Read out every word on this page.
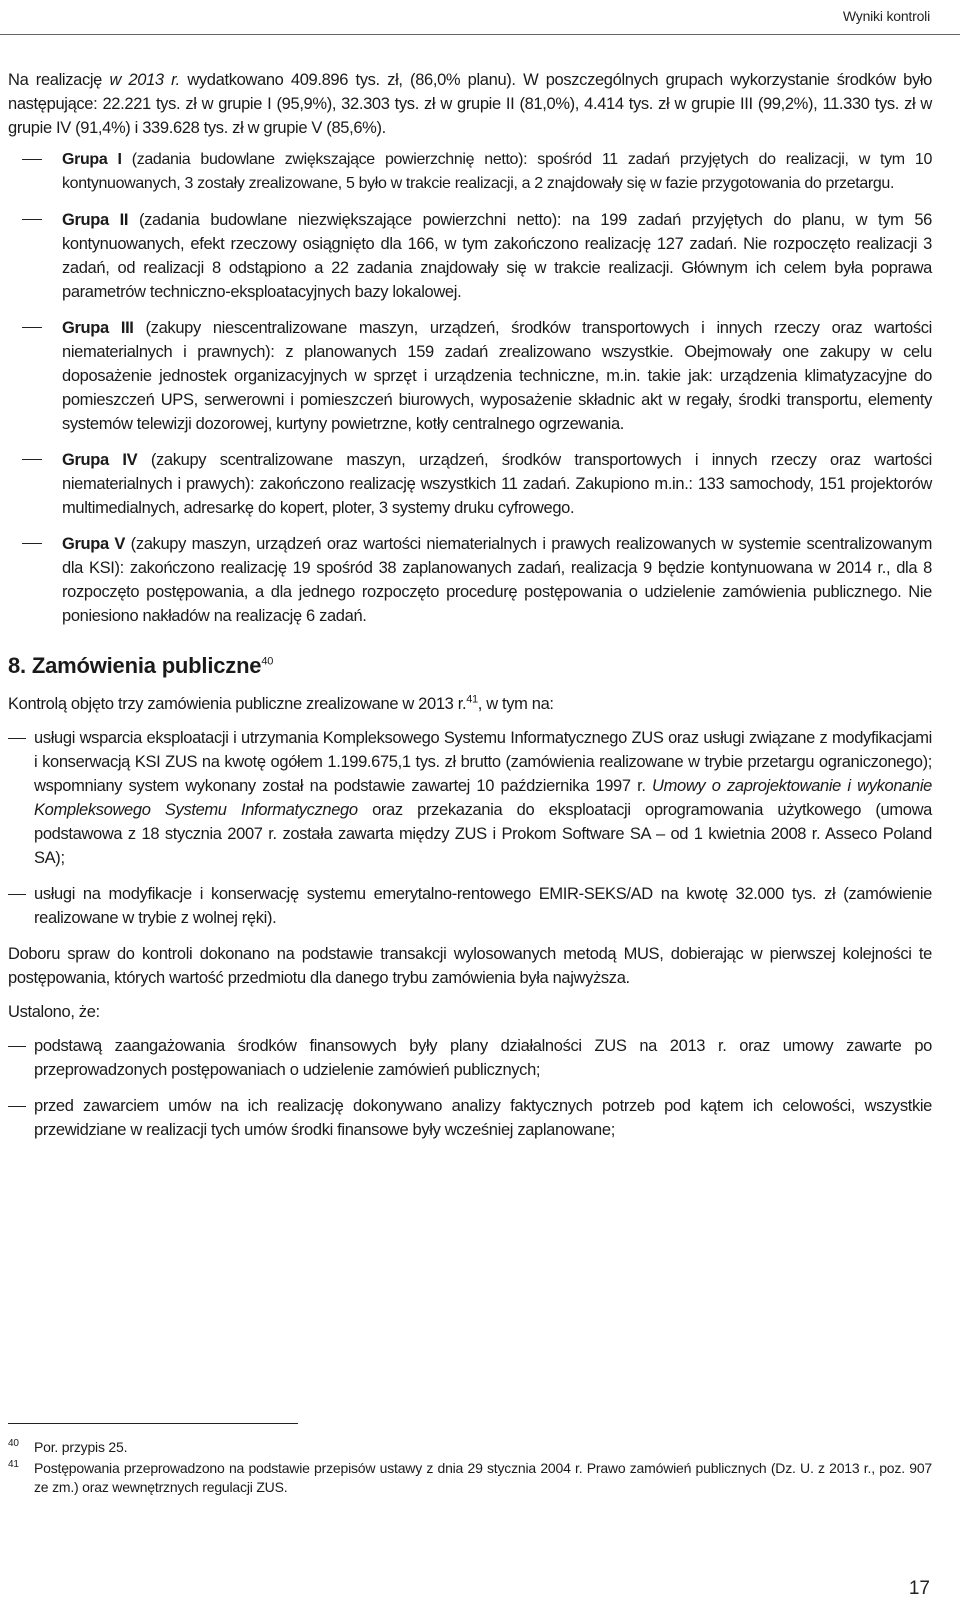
Wyniki kontroli

Na realizację w 2013 r. wydatkowano 409.896 tys. zł, (86,0% planu). W poszczególnych grupach wykorzystanie środków było następujące: 22.221 tys. zł w grupie I (95,9%), 32.303 tys. zł w grupie II (81,0%), 4.414 tys. zł w grupie III (99,2%), 11.330 tys. zł w grupie IV (91,4%) i 339.628 tys. zł w grupie V (85,6%).

Grupa I (zadania budowlane zwiększające powierzchnię netto): spośród 11 zadań przyjętych do realizacji, w tym 10 kontynuowanych, 3 zostały zrealizowane, 5 było w trakcie realizacji, a 2 znajdowały się w fazie przygotowania do przetargu.
Grupa II (zadania budowlane niezwiększające powierzchni netto): na 199 zadań przyjętych do planu, w tym 56 kontynuowanych, efekt rzeczowy osiągnięto dla 166, w tym zakończono realizację 127 zadań. Nie rozpoczęto realizacji 3 zadań, od realizacji 8 odstąpiono a 22 zadania znajdowały się w trakcie realizacji. Głównym ich celem była poprawa parametrów techniczno-eksploatacyjnych bazy lokalowej.
Grupa III (zakupy niescentralizowane maszyn, urządzeń, środków transportowych i innych rzeczy oraz wartości niematerialnych i prawnych): z planowanych 159 zadań zrealizowano wszystkie. Obejmowały one zakupy w celu doposażenie jednostek organizacyjnych w sprzęt i urządzenia techniczne, m.in. takie jak: urządzenia klimatyzacyjne do pomieszczeń UPS, serwerowni i pomieszczeń biurowych, wyposażenie składnic akt w regały, środki transportu, elementy systemów telewizji dozorowej, kurtyny powietrzne, kotły centralnego ogrzewania.
Grupa IV (zakupy scentralizowane maszyn, urządzeń, środków transportowych i innych rzeczy oraz wartości niematerialnych i prawych): zakończono realizację wszystkich 11 zadań. Zakupiono m.in.: 133 samochody, 151 projektorów multimedialnych, adresarkę do kopert, ploter, 3 systemy druku cyfrowego.
Grupa V (zakupy maszyn, urządzeń oraz wartości niematerialnych i prawych realizowanych w systemie scentralizowanym dla KSI): zakończono realizację 19 spośród 38 zaplanowanych zadań, realizacja 9 będzie kontynuowana w 2014 r., dla 8 rozpoczęto postępowania, a dla jednego rozpoczęto procedurę postępowania o udzielenie zamówienia publicznego. Nie poniesiono nakładów na realizację 6 zadań.
8. Zamówienia publiczne$^{40}$

Kontrolą objęto trzy zamówienia publiczne zrealizowane w 2013 r.$^{41}$, w tym na:

usługi wsparcia eksploatacji i utrzymania Kompleksowego Systemu Informatycznego ZUS oraz usługi związane z modyfikacjami i konserwacją KSI ZUS na kwotę ogółem 1.199.675,1 tys. zł brutto (zamówienia realizowane w trybie przetargu ograniczonego); wspomniany system wykonany został na podstawie zawartej 10 października 1997 r. Umowy o zaprojektowanie i wykonanie Kompleksowego Systemu Informatycznego oraz przekazania do eksploatacji oprogramowania użytkowego (umowa podstawowa z 18 stycznia 2007 r. została zawarta między ZUS i Prokom Software SA – od 1 kwietnia 2008 r. Asseco Poland SA);
usługi na modyfikacje i konserwację systemu emerytalno-rentowego EMIR-SEKS/AD na kwotę 32.000 tys. zł (zamówienie realizowane w trybie z wolnej ręki).

Doboru spraw do kontroli dokonano na podstawie transakcji wylosowanych metodą MUS, dobierając w pierwszej kolejności te postępowania, których wartość przedmiotu dla danego trybu zamówienia była najwyższa.

Ustalono, że:

podstawą zaangażowania środków finansowych były plany działalności ZUS na 2013 r. oraz umowy zawarte po przeprowadzonych postępowaniach o udzielenie zamówień publicznych;
przed zawarciem umów na ich realizację dokonywano analizy faktycznych potrzeb pod kątem ich celowości, wszystkie przewidziane w realizacji tych umów środki finansowe były wcześniej zaplanowane;
40 Por. przypis 25.
41 Postępowania przeprowadzono na podstawie przepisów ustawy z dnia 29 stycznia 2004 r. Prawo zamówień publicznych (Dz. U. z 2013 r., poz. 907 ze zm.) oraz wewnętrznych regulacji ZUS.
17
